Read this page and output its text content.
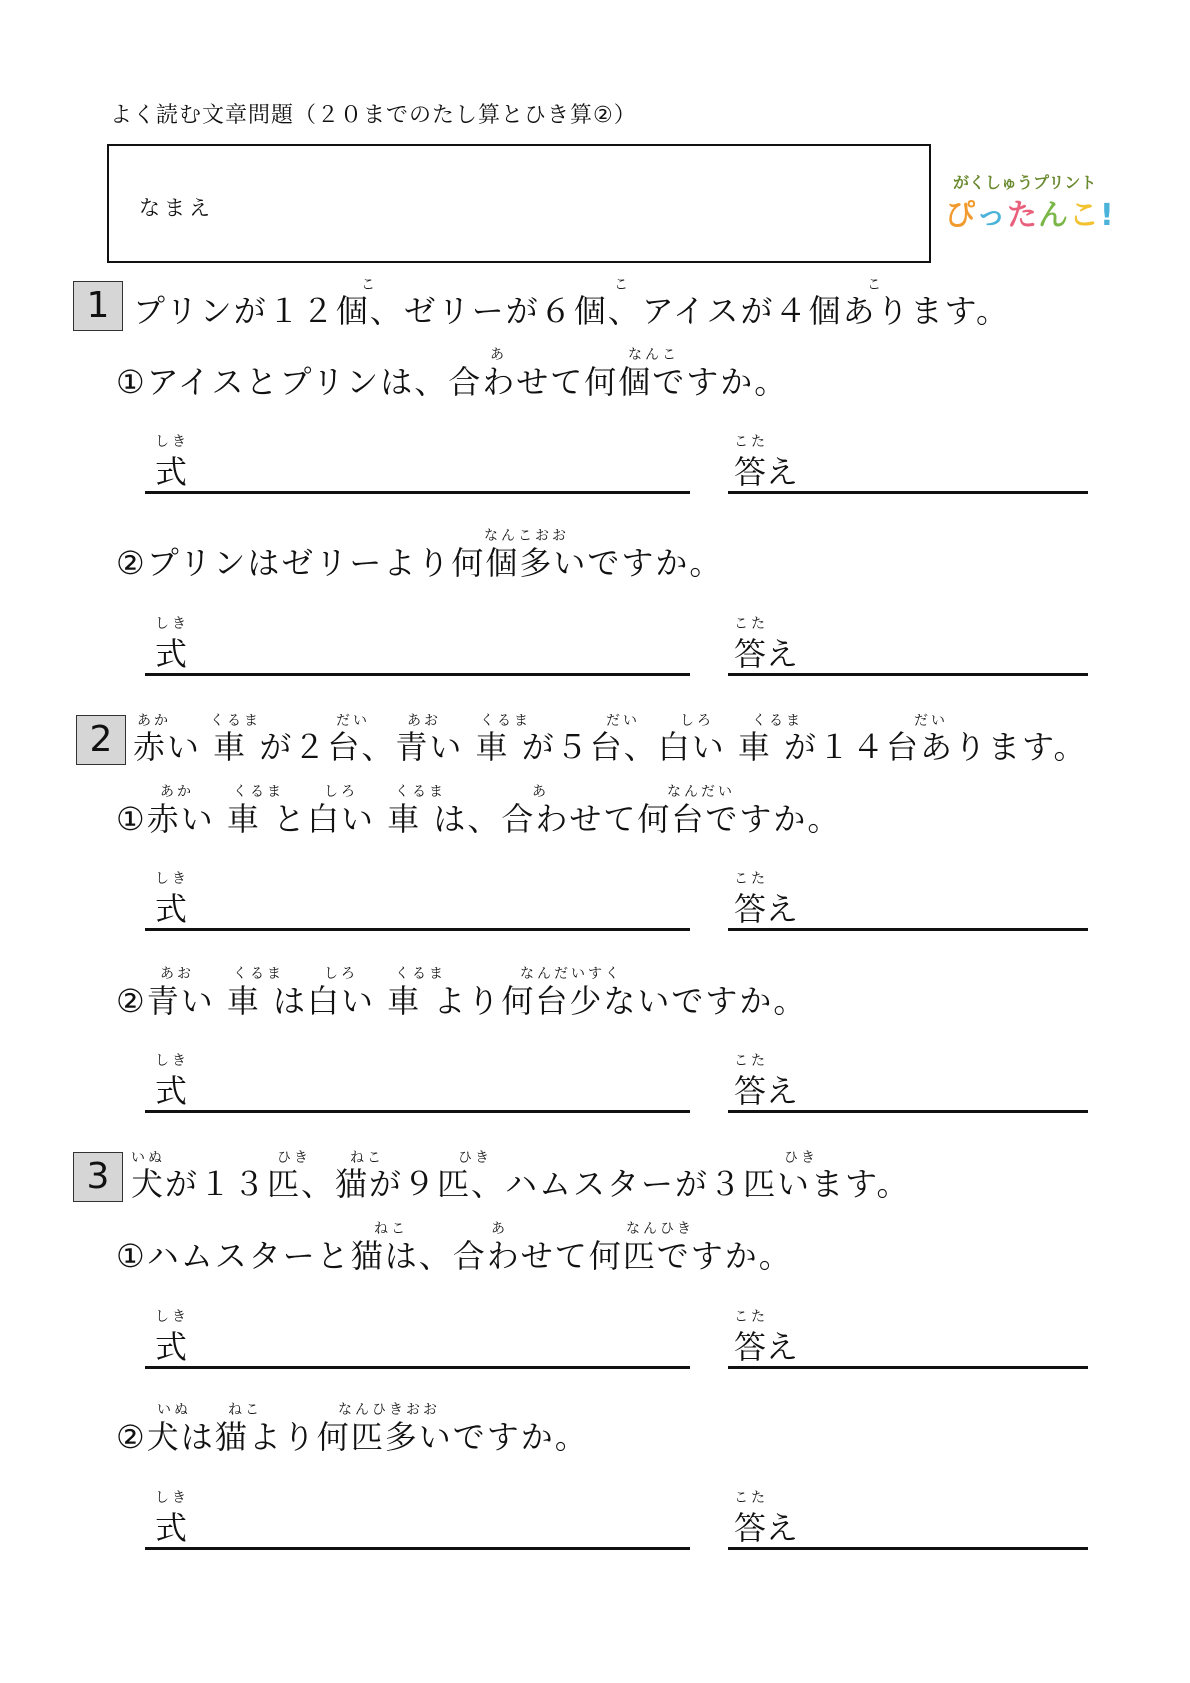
よく読む文章問題（２０までのたし算とひき算②）
なまえ
がくしゅうプリント
ぴったんこ!
1 プリンが１２個、ゼリーが６個、アイスが４個あります。
こ	こ	こ
①アイスとプリンは、合わせて何個ですか。
あ	なんこ
しき
式
こた
答え
②プリンはゼリーより何個多いですか。
なんこおお
しき
式
こた
答え
2 赤い 車 が２台、青い 車 が５台、白い 車 が１４台あります。
あか	くるま	だい	あお	くるま	だい	しろ	くるま	だい
①赤い 車 と白い 車 は、合わせて何台ですか。
あか	くるま	しろ	くるま	あ	なんだい
しき
式
こた
答え
②青い 車 は白い 車 より何台少ないですか。
あお	くるま	しろ	くるま	なんだいすく
しき
式
こた
答え
3 犬が１３匹、猫が９匹、ハムスターが３匹います。
いぬ	ひき	ねこ	ひき	ひき
①ハムスターと猫は、合わせて何匹ですか。
ねこ	あ	なんひき
しき
式
こた
答え
②犬は猫より何匹多いですか。
いぬ	ねこ	なんひきおお
しき
式
こた
答え
